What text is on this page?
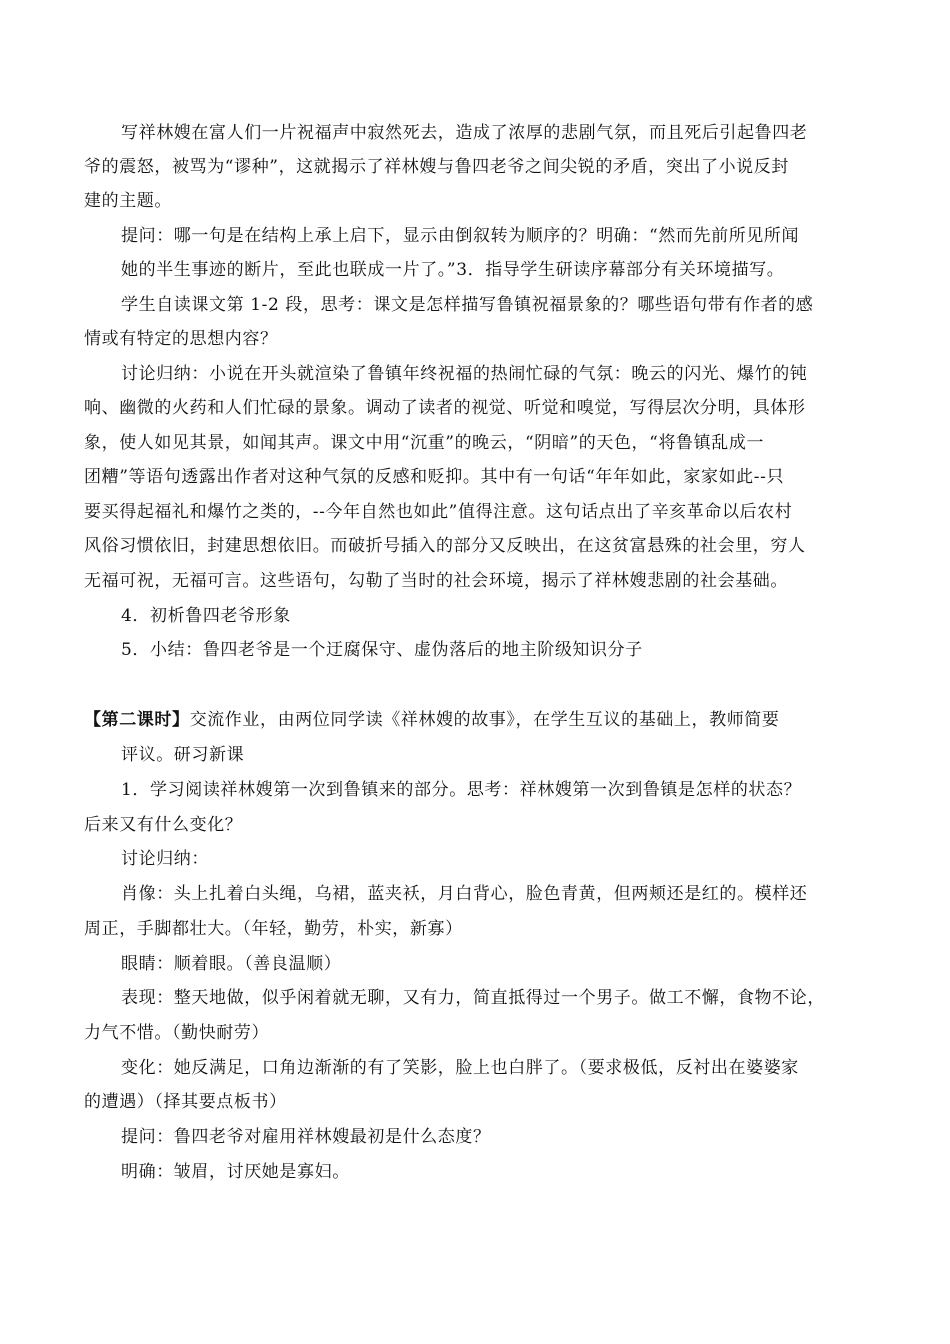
写祥林嫂在富人们一片祝福声中寂然死去，造成了浓厚的悲剧气氛，而且死后引起鲁四老
爷的震怒，被骂为“谬种”，这就揭示了祥林嫂与鲁四老爷之间尖锐的矛盾，突出了小说反封
建的主题。
提问：哪一句是在结构上承上启下，显示由倒叙转为顺序的？明确：“然而先前所见所闻
她的半生事迹的断片，至此也联成一片了。”3．指导学生研读序幕部分有关环境描写。
学生自读课文第 1-2 段，思考：课文是怎样描写鲁镇祝福景象的？哪些语句带有作者的感
情或有特定的思想内容？
讨论归纳：小说在开头就渲染了鲁镇年终祝福的热闹忙碌的气氛：晚云的闪光、爆竹的钝
响、幽微的火药和人们忙碌的景象。调动了读者的视觉、听觉和嗅觉，写得层次分明，具体形
象，使人如见其景，如闻其声。课文中用“沉重”的晚云，“阴暗”的天色，“将鲁镇乱成一
团糟”等语句透露出作者对这种气氛的反感和贬抑。其中有一句话“年年如此，家家如此--只
要买得起福礼和爆竹之类的，--今年自然也如此”值得注意。这句话点出了辛亥革命以后农村
风俗习惯依旧，封建思想依旧。而破折号插入的部分又反映出，在这贫富悬殊的社会里，穷人
无福可祝，无福可言。这些语句，勾勒了当时的社会环境，揭示了祥林嫂悲剧的社会基础。
4．初析鲁四老爷形象
5．小结：鲁四老爷是一个迂腐保守、虚伪落后的地主阶级知识分子
【第二课时】交流作业，由两位同学读《祥林嫂的故事》，在学生互议的基础上，教师简要
评议。研习新课
1．学习阅读祥林嫂第一次到鲁镇来的部分。思考：祥林嫂第一次到鲁镇是怎样的状态？
后来又有什么变化？
讨论归纳：
肖像：头上扎着白头绳，乌裙，蓝夹袄，月白背心，脸色青黄，但两颊还是红的。模样还
周正，手脚都壮大。（年轻，勤劳，朴实，新寡）
眼睛：顺着眼。（善良温顺）
表现：整天地做，似乎闲着就无聊，又有力，简直抵得过一个男子。做工不懈，食物不论，
力气不惜。（勤快耐劳）
变化：她反满足，口角边渐渐的有了笑影，脸上也白胖了。（要求极低，反衬出在婆婆家
的遭遇）（择其要点板书）
提问：鲁四老爷对雇用祥林嫂最初是什么态度？
明确：皱眉，讨厌她是寡妇。
